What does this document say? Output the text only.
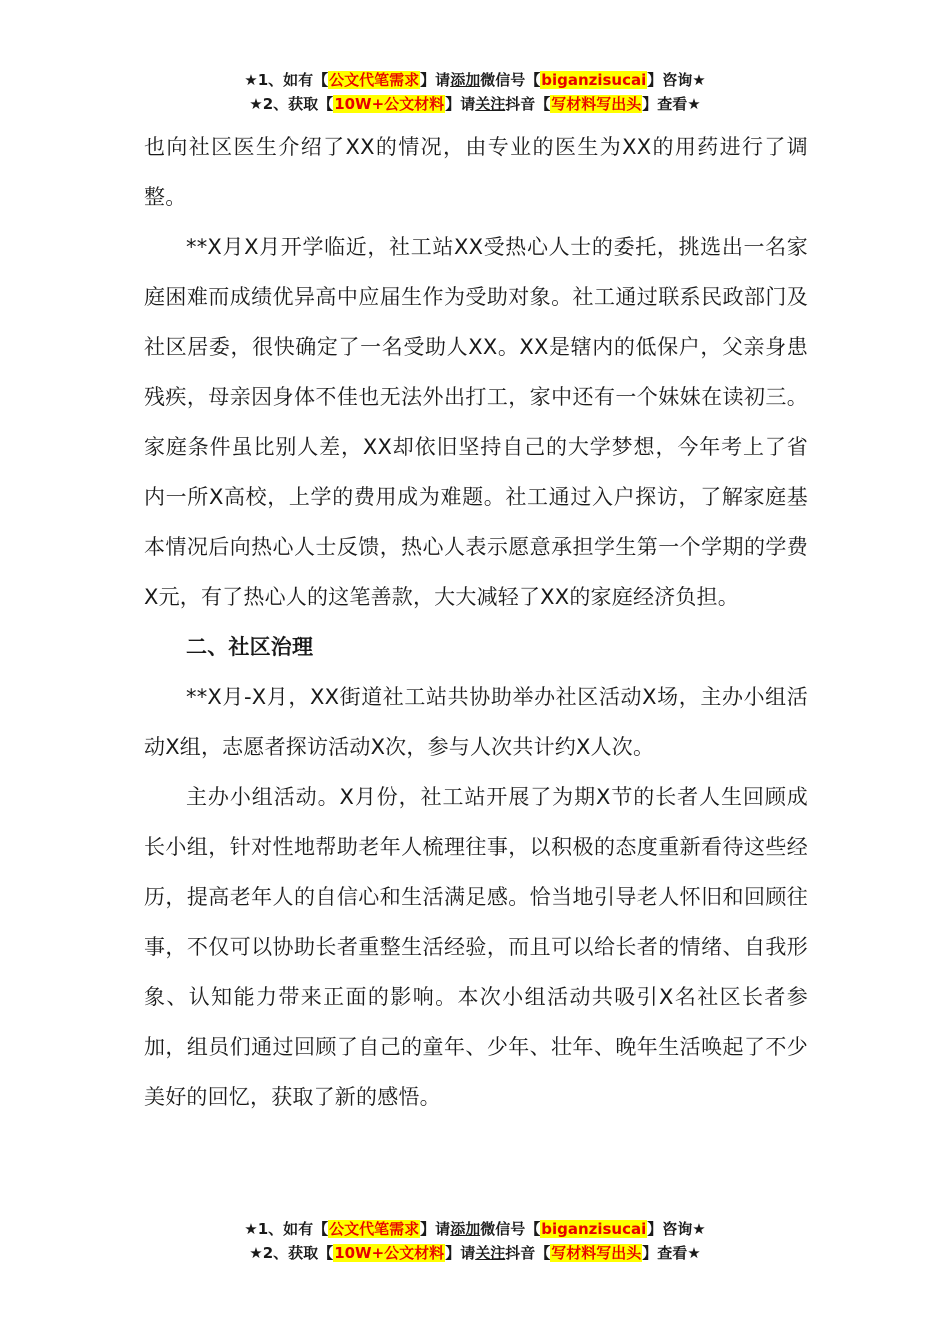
★1、如有【公文代笔需求】请添加微信号【biganzisucai】咨询★
★2、获取【10W+公文材料】请关注抖音【写材料写出头】查看★

也向社区医生介绍了XX的情况，由专业的医生为XX的用药进行了调整。

**X月X月开学临近，社工站XX受热心人士的委托，挑选出一名家庭困难而成绩优异高中应届生作为受助对象。社工通过联系民政部门及社区居委，很快确定了一名受助人XX。XX是辖内的低保户，父亲身患残疾，母亲因身体不佳也无法外出打工，家中还有一个妹妹在读初三。家庭条件虽比别人差，XX却依旧坚持自己的大学梦想，今年考上了省内一所X高校，上学的费用成为难题。社工通过入户探访，了解家庭基本情况后向热心人士反馈，热心人表示愿意承担学生第一个学期的学费X元，有了热心人的这笔善款，大大减轻了XX的家庭经济负担。

二、社区治理

**X月-X月，XX街道社工站共协助举办社区活动X场，主办小组活动X组，志愿者探访活动X次，参与人次共计约X人次。

主办小组活动。X月份，社工站开展了为期X节的长者人生回顾成长小组，针对性地帮助老年人梳理往事，以积极的态度重新看待这些经历，提高老年人的自信心和生活满足感。恰当地引导老人怀旧和回顾往事，不仅可以协助长者重整生活经验，而且可以给长者的情绪、自我形象、认知能力带来正面的影响。本次小组活动共吸引X名社区长者参加，组员们通过回顾了自己的童年、少年、壮年、晚年生活唤起了不少美好的回忆，获取了新的感悟。

★1、如有【公文代笔需求】请添加微信号【biganzisucai】咨询★
★2、获取【10W+公文材料】请关注抖音【写材料写出头】查看★
